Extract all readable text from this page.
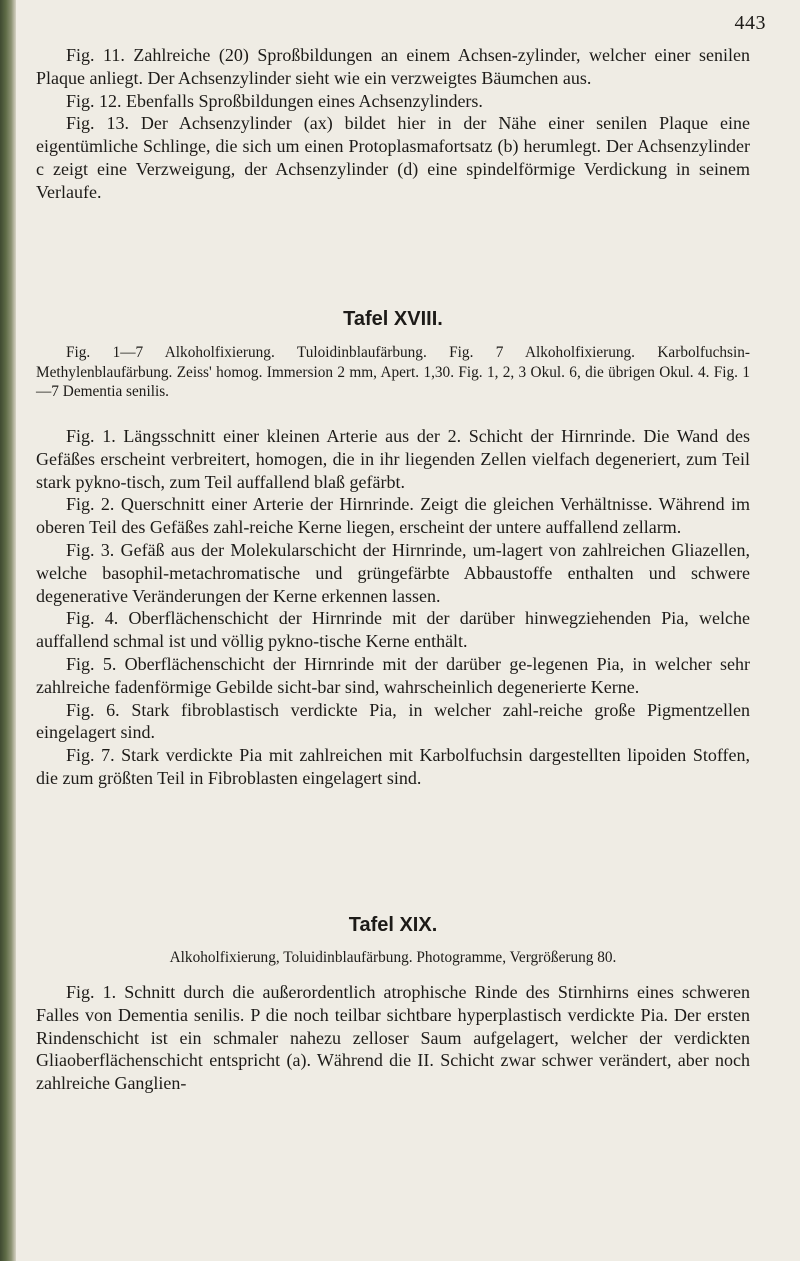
443

Fig. 11. Zahlreiche (20) Sproßbildungen an einem Achsen-zylinder, welcher einer senilen Plaque anliegt. Der Achsenzylinder sieht wie ein verzweigtes Bäumchen aus.

Fig. 12. Ebenfalls Sproßbildungen eines Achsenzylinders.

Fig. 13. Der Achsenzylinder (ax) bildet hier in der Nähe einer senilen Plaque eine eigentümliche Schlinge, die sich um einen Protoplasmafortsatz (b) herumlegt. Der Achsenzylinder c zeigt eine Verzweigung, der Achsenzylinder (d) eine spindelförmige Verdickung in seinem Verlaufe.

Tafel XVIII.

Fig. 1—7 Alkoholfixierung. Tuloidinblaufärbung. Fig. 7 Alkoholfixierung. Karbolfuchsin-Methylenblaufärbung. Zeiss' homog. Immersion 2 mm, Apert. 1,30. Fig. 1, 2, 3 Okul. 6, die übrigen Okul. 4. Fig. 1—7 Dementia senilis.

Fig. 1. Längsschnitt einer kleinen Arterie aus der 2. Schicht der Hirnrinde. Die Wand des Gefäßes erscheint verbreitert, homogen, die in ihr liegenden Zellen vielfach degeneriert, zum Teil stark pykno-tisch, zum Teil auffallend blaß gefärbt.

Fig. 2. Querschnitt einer Arterie der Hirnrinde. Zeigt die gleichen Verhältnisse. Während im oberen Teil des Gefäßes zahl-reiche Kerne liegen, erscheint der untere auffallend zellarm.

Fig. 3. Gefäß aus der Molekularschicht der Hirnrinde, um-lagert von zahlreichen Gliazellen, welche basophil-metachromatische und grüngefärbte Abbaustoffe enthalten und schwere degenerative Veränderungen der Kerne erkennen lassen.

Fig. 4. Oberflächenschicht der Hirnrinde mit der darüber hinwegziehenden Pia, welche auffallend schmal ist und völlig pykno-tische Kerne enthält.

Fig. 5. Oberflächenschicht der Hirnrinde mit der darüber ge-legenen Pia, in welcher sehr zahlreiche fadenförmige Gebilde sicht-bar sind, wahrscheinlich degenerierte Kerne.

Fig. 6. Stark fibroblastisch verdickte Pia, in welcher zahl-reiche große Pigmentzellen eingelagert sind.

Fig. 7. Stark verdickte Pia mit zahlreichen mit Karbolfuchsin dargestellten lipoiden Stoffen, die zum größten Teil in Fibroblasten eingelagert sind.

Tafel XIX.

Alkoholfixierung, Toluidinblaufärbung. Photogramme, Vergrößerung 80.

Fig. 1. Schnitt durch die außerordentlich atrophische Rinde des Stirnhirns eines schweren Falles von Dementia senilis. P die noch teilbar sichtbare hyperplastisch verdickte Pia. Der ersten Rindenschicht ist ein schmaler nahezu zelloser Saum aufgelagert, welcher der verdickten Gliaoberflächenschicht entspricht (a). Während die II. Schicht zwar schwer verändert, aber noch zahlreiche Ganglien-
